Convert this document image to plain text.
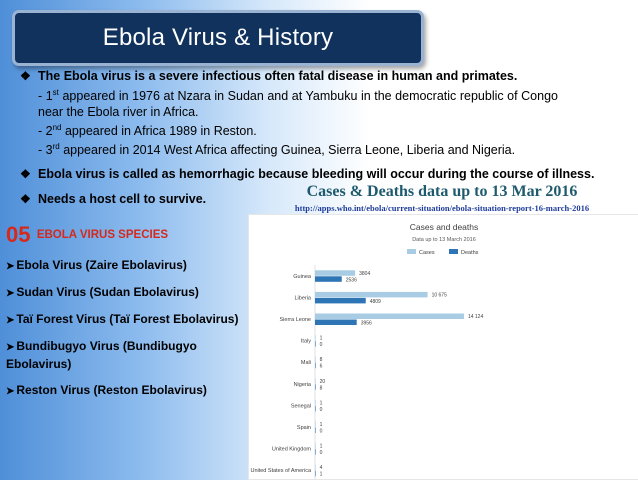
Ebola Virus & History
❖ The Ebola virus is a severe infectious often fatal disease in human and primates.
- 1st appeared in 1976 at Nzara in Sudan and at Yambuku in the democratic republic of Congo near the Ebola river in Africa.
- 2nd appeared in Africa 1989 in Reston.
- 3rd appeared in 2014 West Africa affecting Guinea, Sierra Leone, Liberia and Nigeria.
❖ Ebola virus is called as hemorrhagic because bleeding will occur during the course of illness.
❖ Needs a host cell to survive.	Cases & Deaths data up to 13 Mar 2016
http://apps.who.int/ebola/current-situation/ebola-situation-report-16-march-2016
05 EBOLA VIRUS SPECIES
➤ Ebola Virus (Zaire Ebolavirus)
➤ Sudan Virus (Sudan Ebolavirus)
➤ Taï Forest Virus (Taï Forest Ebolavirus)
➤ Bundibugyo Virus (Bundibugyo Ebolavirus)
➤ Reston Virus (Reston Ebolavirus)
Cases and deaths
Data up to 13 March 2016
Cases	Deaths
Guinea	3804
2536
Liberia	10 675
4809
Sierra Leone	14 124
3956
Italy 1
0
Mali 8
6
Nigeria 20
8
Senegal 1
0
Spain 1
0
United Kingdom 1
0
United States of America 4
1
